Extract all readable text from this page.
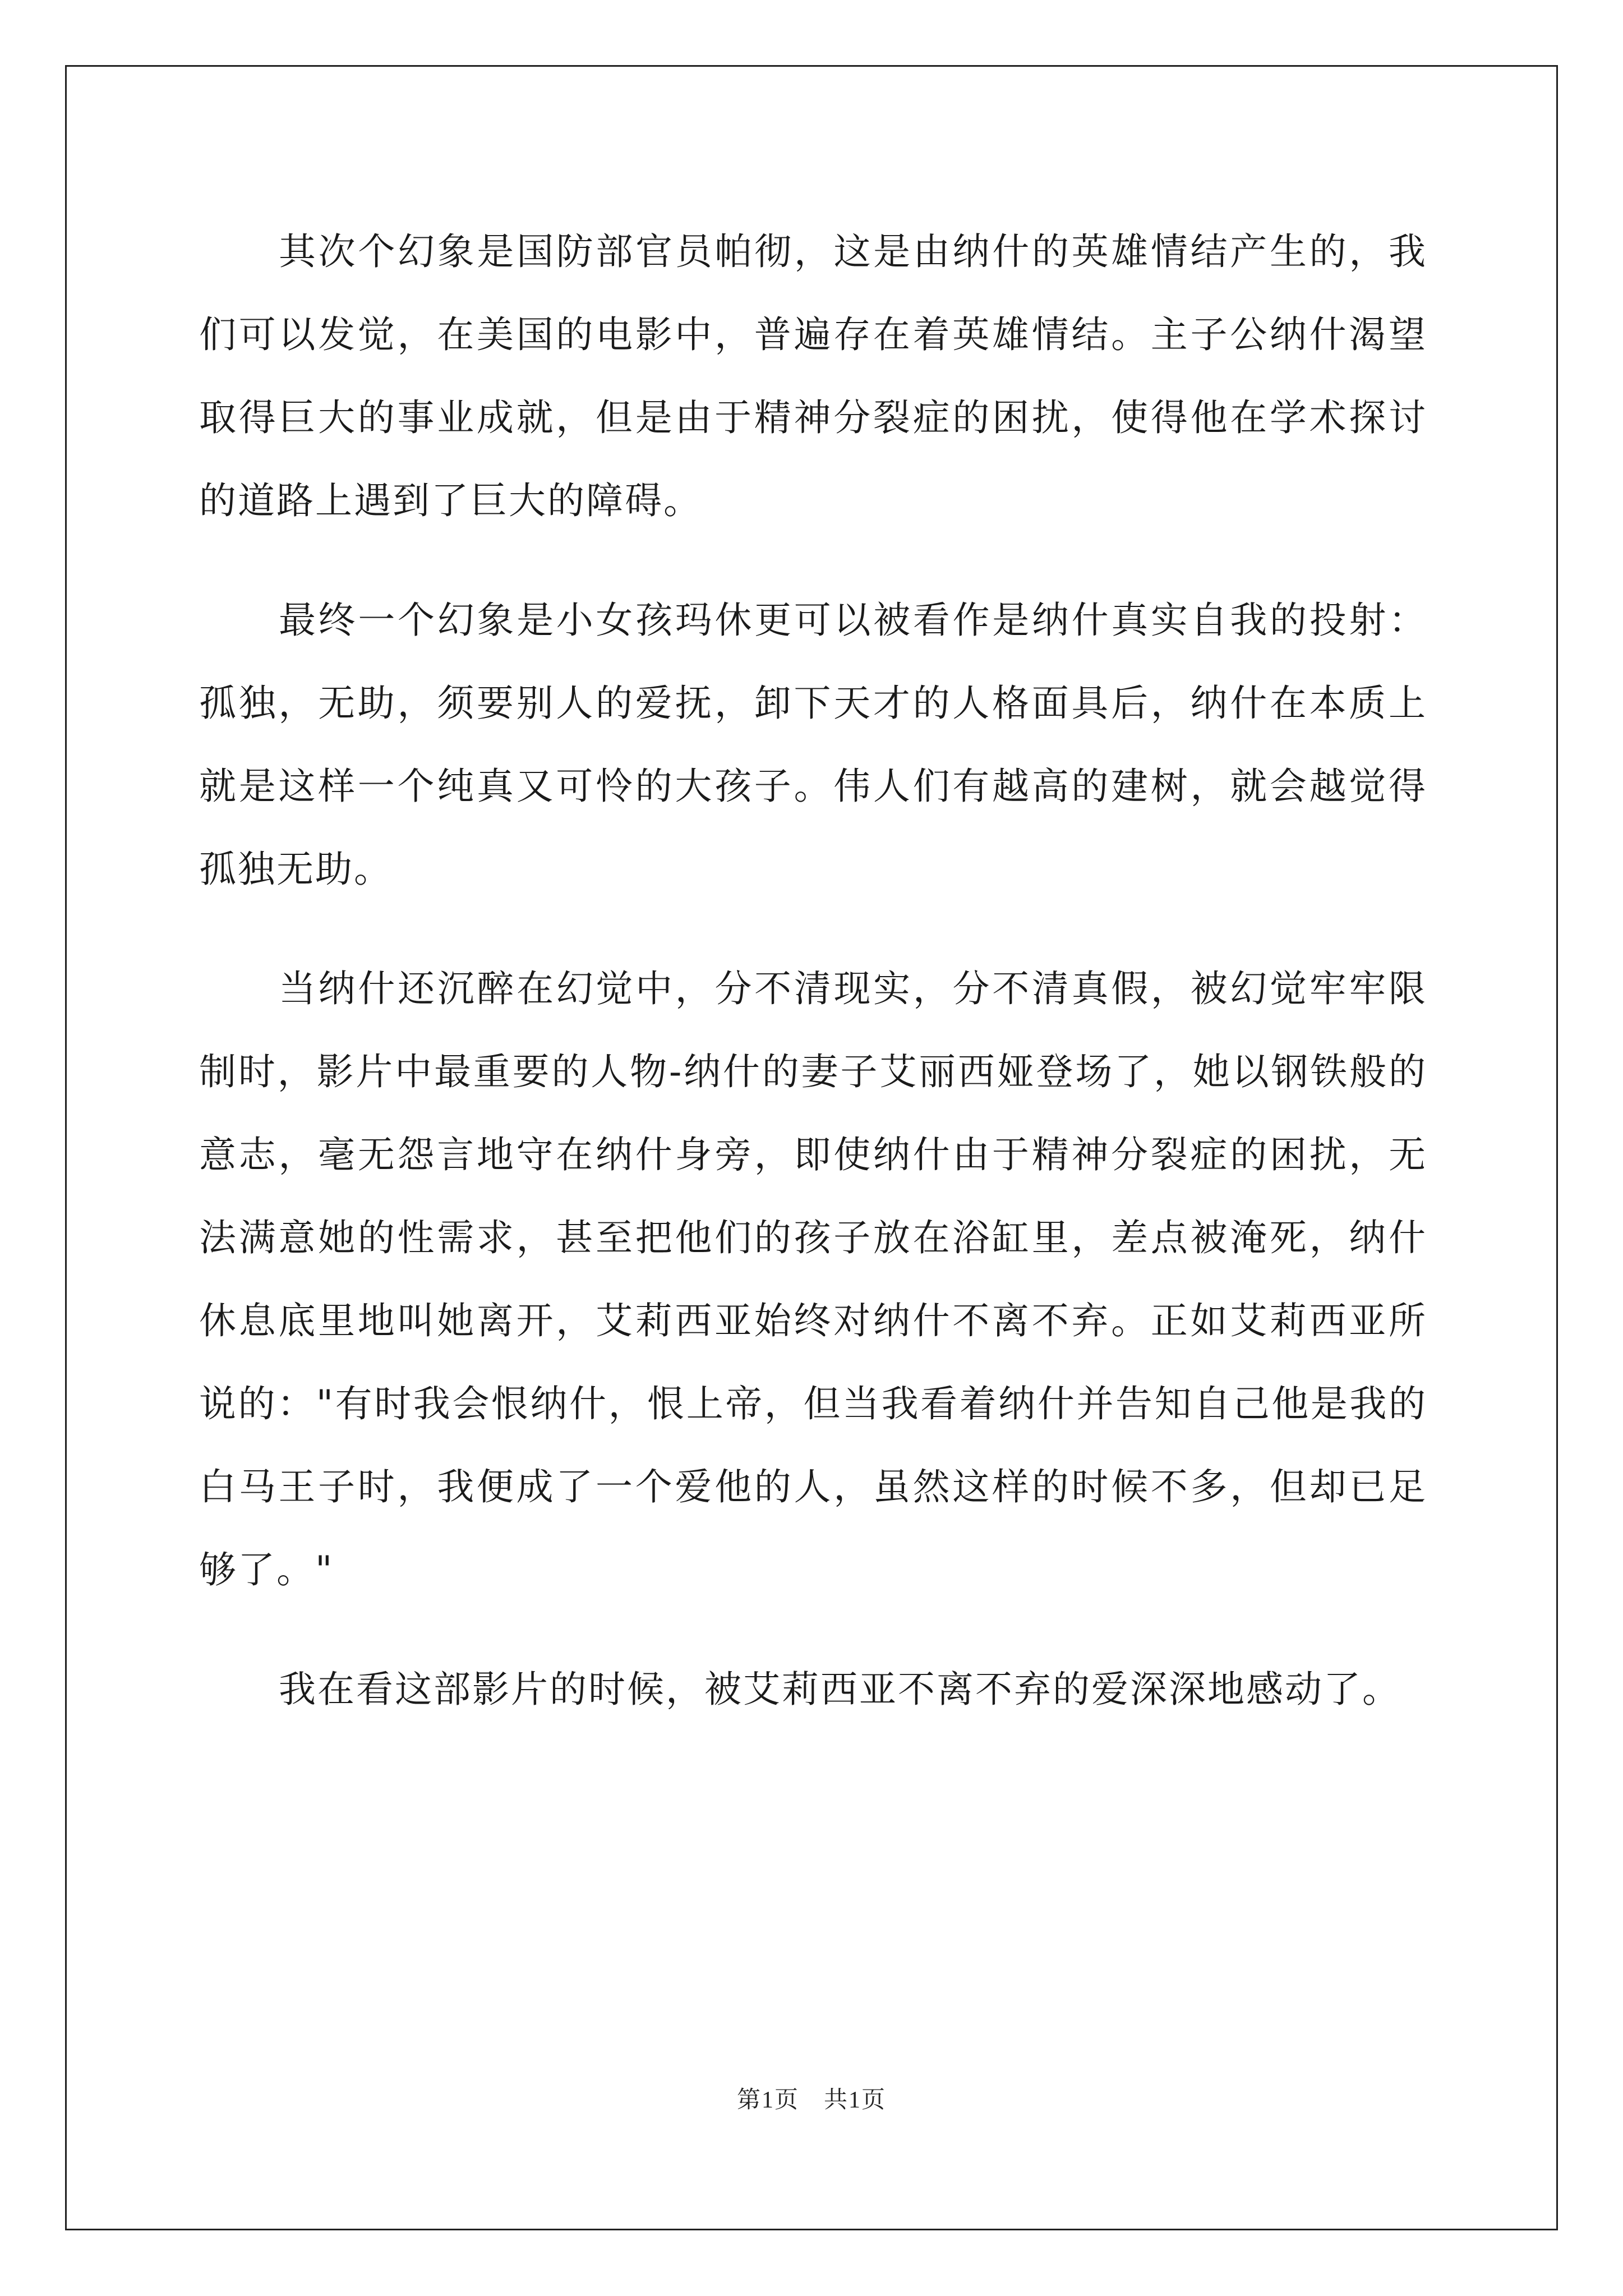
其次个幻象是国防部官员帕彻，这是由纳什的英雄情结产生的，我们可以发觉，在美国的电影中，普遍存在着英雄情结。主子公纳什渴望取得巨大的事业成就，但是由于精神分裂症的困扰，使得他在学术探讨的道路上遇到了巨大的障碍。

最终一个幻象是小女孩玛休更可以被看作是纳什真实自我的投射：孤独，无助，须要别人的爱抚，卸下天才的人格面具后，纳什在本质上就是这样一个纯真又可怜的大孩子。伟人们有越高的建树，就会越觉得孤独无助。

当纳什还沉醉在幻觉中，分不清现实，分不清真假，被幻觉牢牢限制时，影片中最重要的人物-纳什的妻子艾丽西娅登场了，她以钢铁般的意志，毫无怨言地守在纳什身旁，即使纳什由于精神分裂症的困扰，无法满意她的性需求，甚至把他们的孩子放在浴缸里，差点被淹死，纳什休息底里地叫她离开，艾莉西亚始终对纳什不离不弃。正如艾莉西亚所说的："有时我会恨纳什，恨上帝，但当我看着纳什并告知自己他是我的白马王子时，我便成了一个爱他的人，虽然这样的时候不多，但却已足够了。"

我在看这部影片的时候，被艾莉西亚不离不弃的爱深深地感动了。

第1页　共1页
